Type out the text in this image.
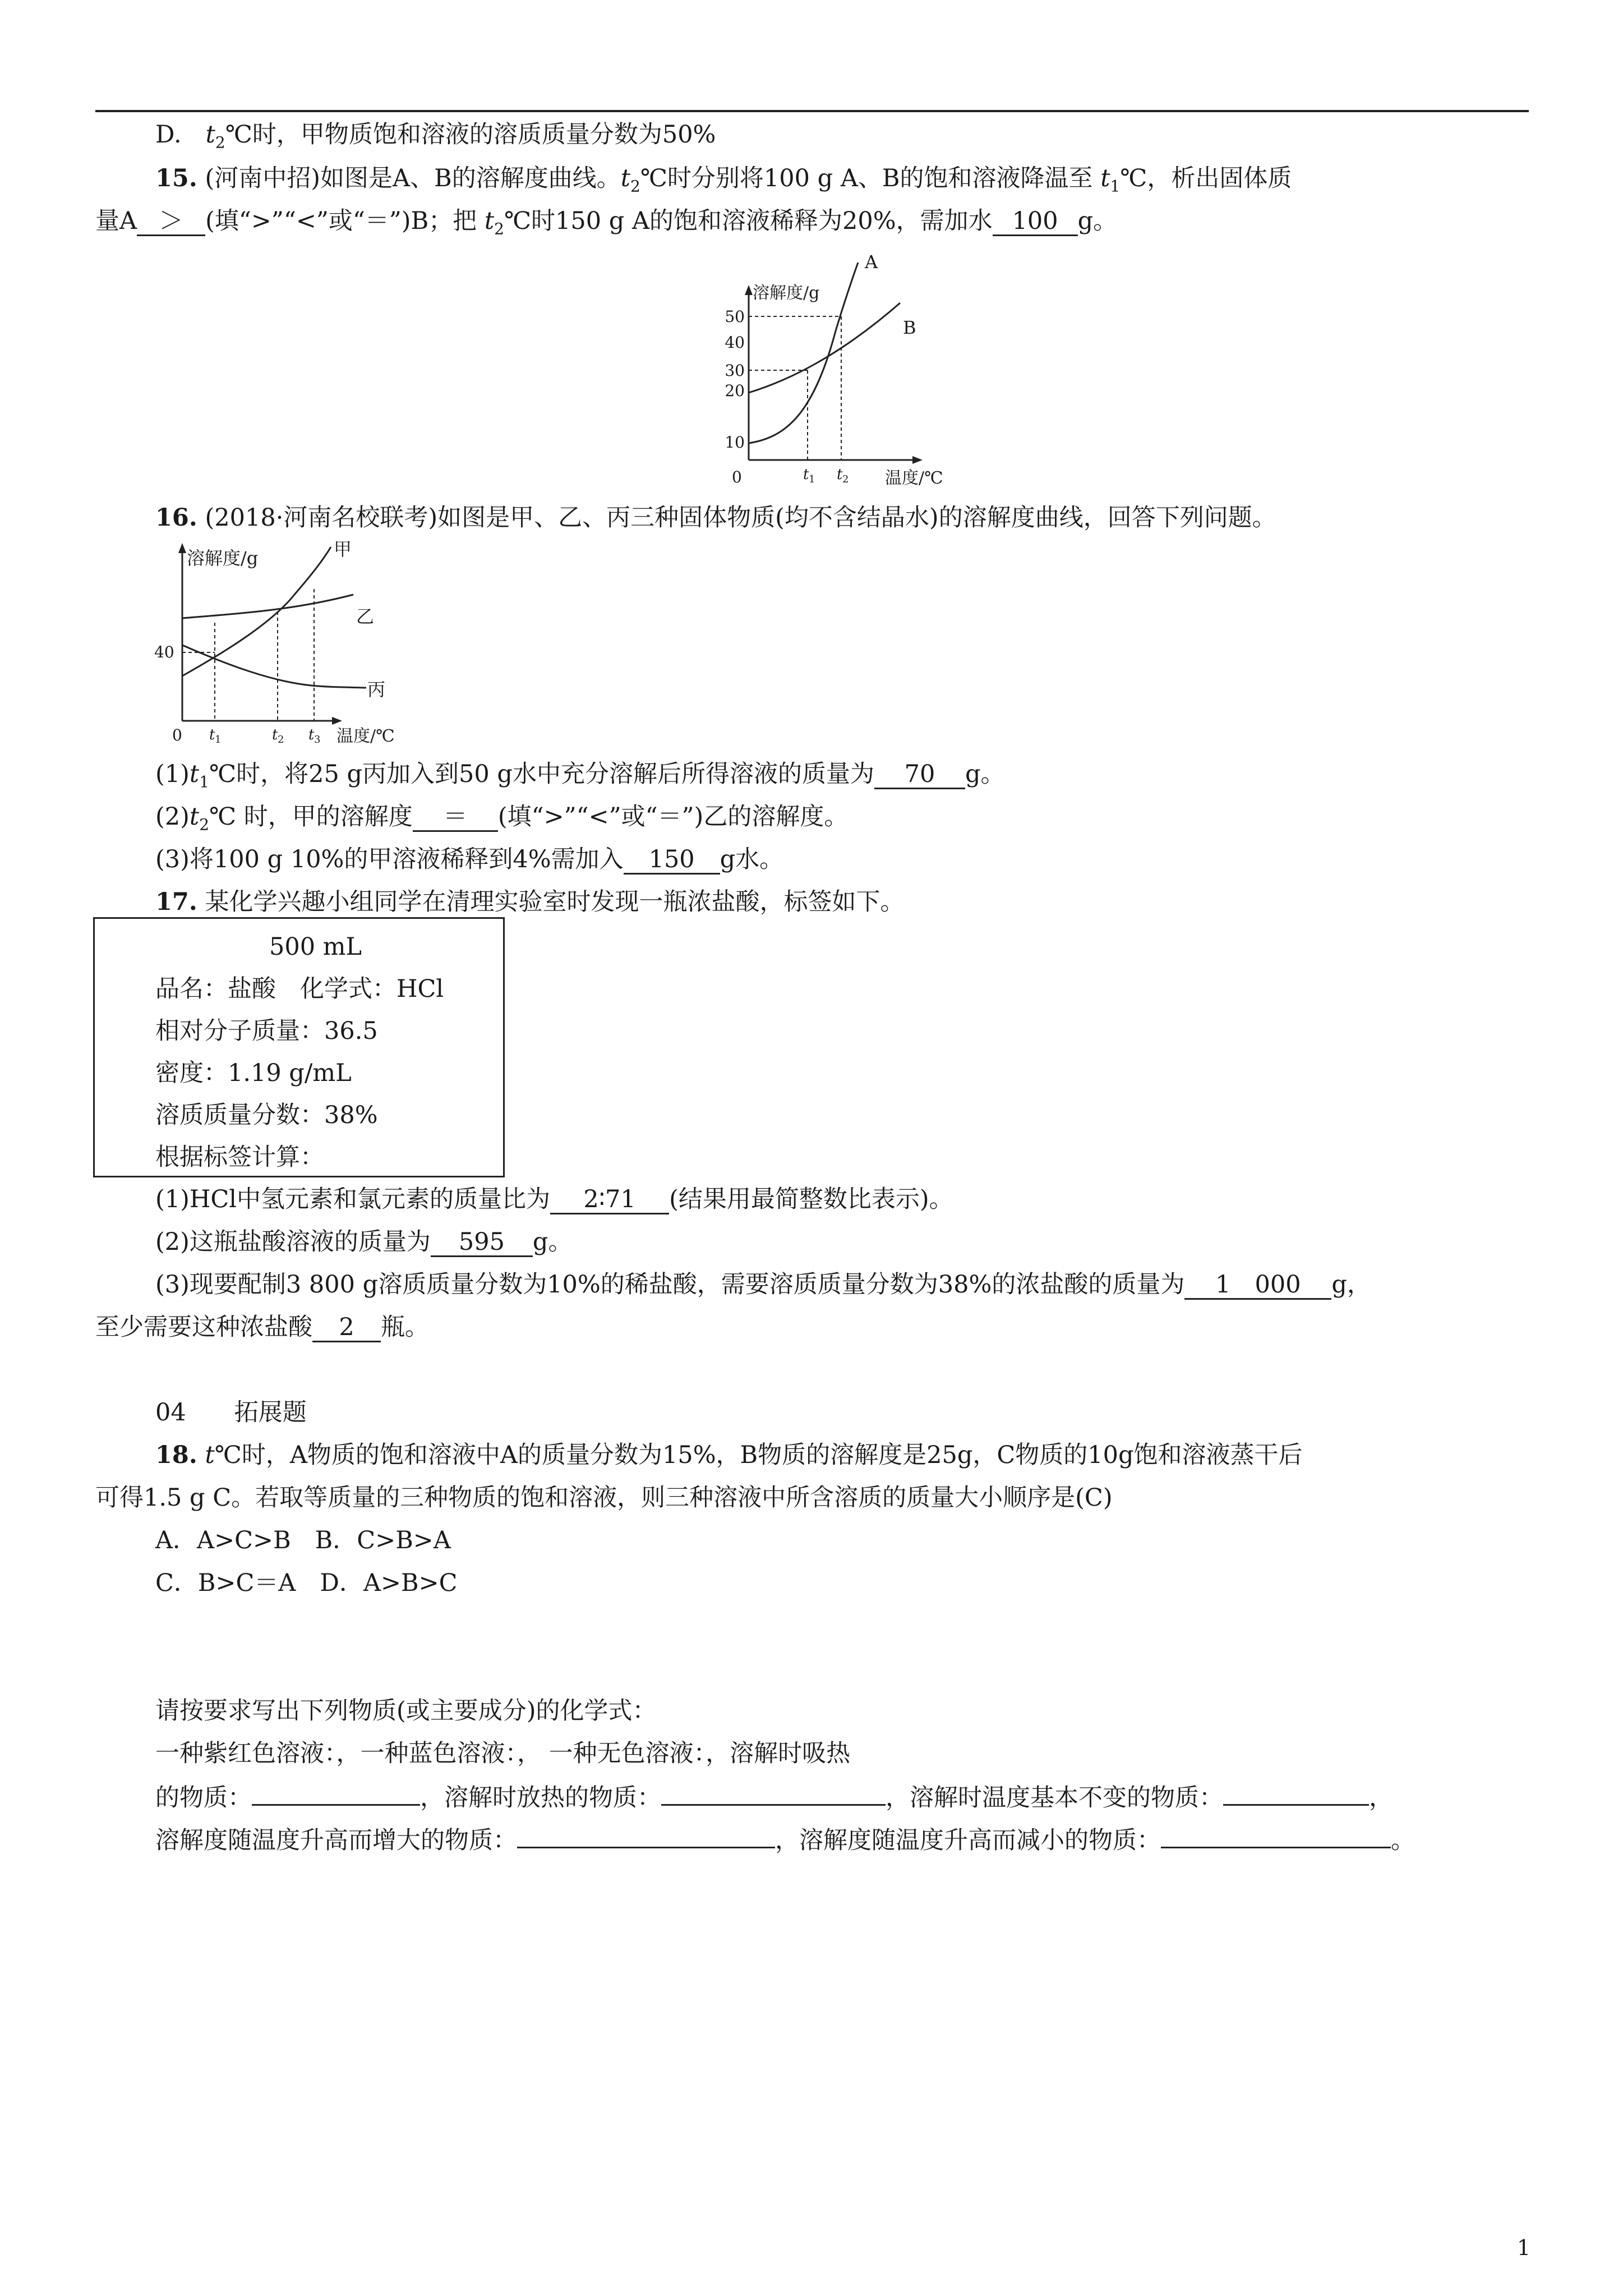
D.　 $t_2℃$时，甲物质饱和溶液的溶质质量分数为50%
15. (河南中招)如图是A、B的溶解度曲线。$t_2℃$时分别将100 g A、B的饱和溶液降温至 $t_1℃$，析出固体质
量A ＞ (填“>”“<”或“＝”)B；把 $t_2℃$时150 g A的饱和溶液稀释为20%，需加水 100 g。
溶解度/g
温度/℃
0
10
20
30
40
50
A
B
t 1 t 2
16. (2018·河南名校联考)如图是甲、乙、丙三种固体物质(均不含结晶水)的溶解度曲线，回答下列问题。
溶解度/g
温度/℃
0
40
甲
乙
丙
t 1	t 2 t 3
$(1)t_1℃$时，将25 g丙加入到50 g水中充分溶解后所得溶液的质量为 70 g。
$(2)t_2℃$ 时，甲的溶解度 ＝ (填“>”“<”或“＝”)乙的溶解度。
(3)将100 g 10%的甲溶液稀释到4%需加入 150 g水。
17. 某化学兴趣小组同学在清理实验室时发现一瓶浓盐酸，标签如下。
500 mL
品名：盐酸　化学式：HCl
相对分子质量：36.5
密度：1.19 g/mL
溶质质量分数：38%
根据标签计算：
(1)HCl中氢元素和氯元素的质量比为 2∶71 (结果用最简整数比表示)。
(2)这瓶盐酸溶液的质量为 595 g。
(3)现要配制3 800 g溶质质量分数为10%的稀盐酸，需要溶质质量分数为38%的浓盐酸的质量为 1　000 g，
至少需要这种浓盐酸 2 瓶。
04　　 拓展题
18. t℃时，A物质的饱和溶液中A的质量分数为15%，B物质的溶解度是25g，C物质的10g饱和溶液蒸干后
可得1.5 g C。若取等质量的三种物质的饱和溶液，则三种溶液中所含溶质的质量大小顺序是(C)
A．A>C>B　B．C>B>A
C．B>C＝A　D．A>B>C
请按要求写出下列物质(或主要成分)的化学式：
一种紫红色溶液：，一种蓝色溶液：， 一种无色溶液：，溶解时吸热
的物质：	，溶解时放热的物质：	，溶解时温度基本不变的物质：	，
溶解度随温度升高而增大的物质：	，溶解度随温度升高而减小的物质：	。
1
